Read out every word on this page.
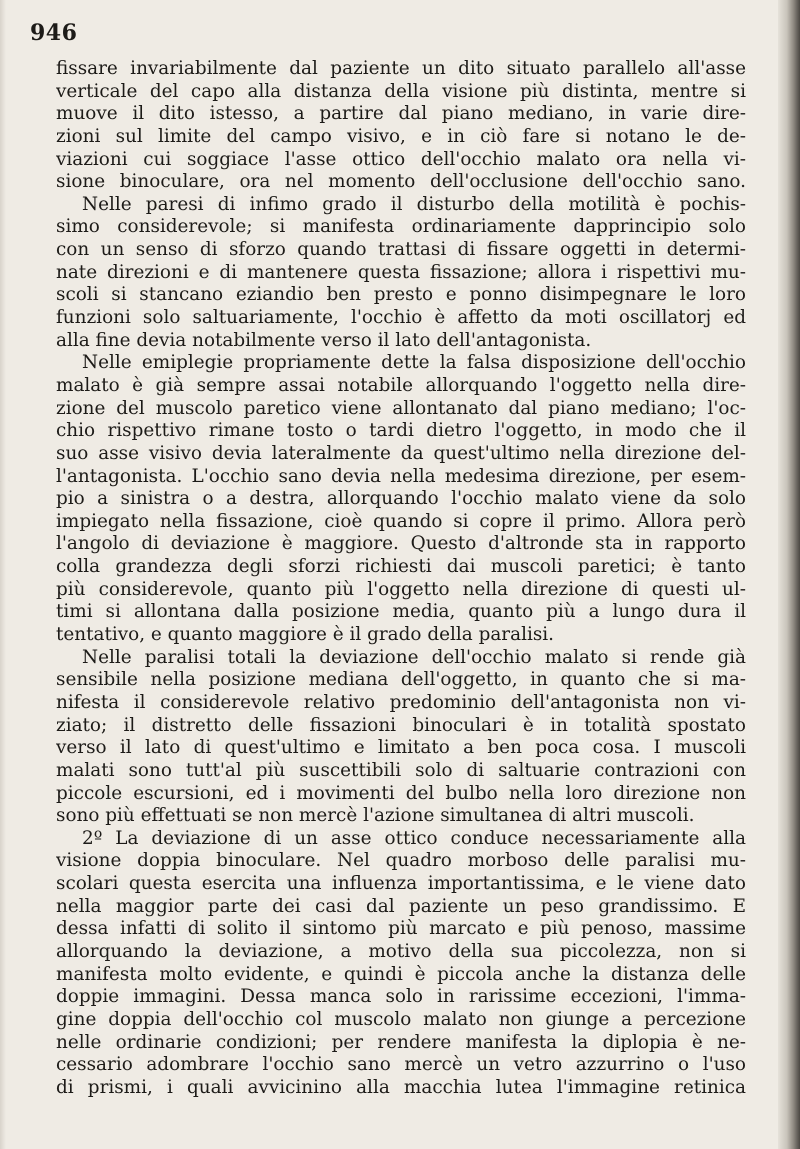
946
fissare invariabilmente dal paziente un dito situato parallelo all'asse
verticale del capo alla distanza della visione più distinta, mentre si
muove il dito istesso, a partire dal piano mediano, in varie dire-
zioni sul limite del campo visivo, e in ciò fare si notano le de-
viazioni cui soggiace l'asse ottico dell'occhio malato ora nella vi-
sione binoculare, ora nel momento dell'occlusione dell'occhio sano.
Nelle paresi di infimo grado il disturbo della motilità è pochis-
simo considerevole; si manifesta ordinariamente dapprincipio solo
con un senso di sforzo quando trattasi di fissare oggetti in determi-
nate direzioni e di mantenere questa fissazione; allora i rispettivi mu-
scoli si stancano eziandio ben presto e ponno disimpegnare le loro
funzioni solo saltuariamente, l'occhio è affetto da moti oscillatorj ed
alla fine devia notabilmente verso il lato dell'antagonista.
Nelle emiplegie propriamente dette la falsa disposizione dell'occhio
malato è già sempre assai notabile allorquando l'oggetto nella dire-
zione del muscolo paretico viene allontanato dal piano mediano; l'oc-
chio rispettivo rimane tosto o tardi dietro l'oggetto, in modo che il
suo asse visivo devia lateralmente da quest'ultimo nella direzione del-
l'antagonista. L'occhio sano devia nella medesima direzione, per esem-
pio a sinistra o a destra, allorquando l'occhio malato viene da solo
impiegato nella fissazione, cioè quando si copre il primo. Allora però
l'angolo di deviazione è maggiore. Questo d'altronde sta in rapporto
colla grandezza degli sforzi richiesti dai muscoli paretici; è tanto
più considerevole, quanto più l'oggetto nella direzione di questi ul-
timi si allontana dalla posizione media, quanto più a lungo dura il
tentativo, e quanto maggiore è il grado della paralisi.
Nelle paralisi totali la deviazione dell'occhio malato si rende già
sensibile nella posizione mediana dell'oggetto, in quanto che si ma-
nifesta il considerevole relativo predominio dell'antagonista non vi-
ziato; il distretto delle fissazioni binoculari è in totalità spostato
verso il lato di quest'ultimo e limitato a ben poca cosa. I muscoli
malati sono tutt'al più suscettibili solo di saltuarie contrazioni con
piccole escursioni, ed i movimenti del bulbo nella loro direzione non
sono più effettuati se non mercè l'azione simultanea di altri muscoli.
2º La deviazione di un asse ottico conduce necessariamente alla
visione doppia binoculare. Nel quadro morboso delle paralisi mu-
scolari questa esercita una influenza importantissima, e le viene dato
nella maggior parte dei casi dal paziente un peso grandissimo. E
dessa infatti di solito il sintomo più marcato e più penoso, massime
allorquando la deviazione, a motivo della sua piccolezza, non si
manifesta molto evidente, e quindi è piccola anche la distanza delle
doppie immagini. Dessa manca solo in rarissime eccezioni, l'imma-
gine doppia dell'occhio col muscolo malato non giunge a percezione
nelle ordinarie condizioni; per rendere manifesta la diplopia è ne-
cessario adombrare l'occhio sano mercè un vetro azzurrino o l'uso
di prismi, i quali avvicinino alla macchia lutea l'immagine retinica
